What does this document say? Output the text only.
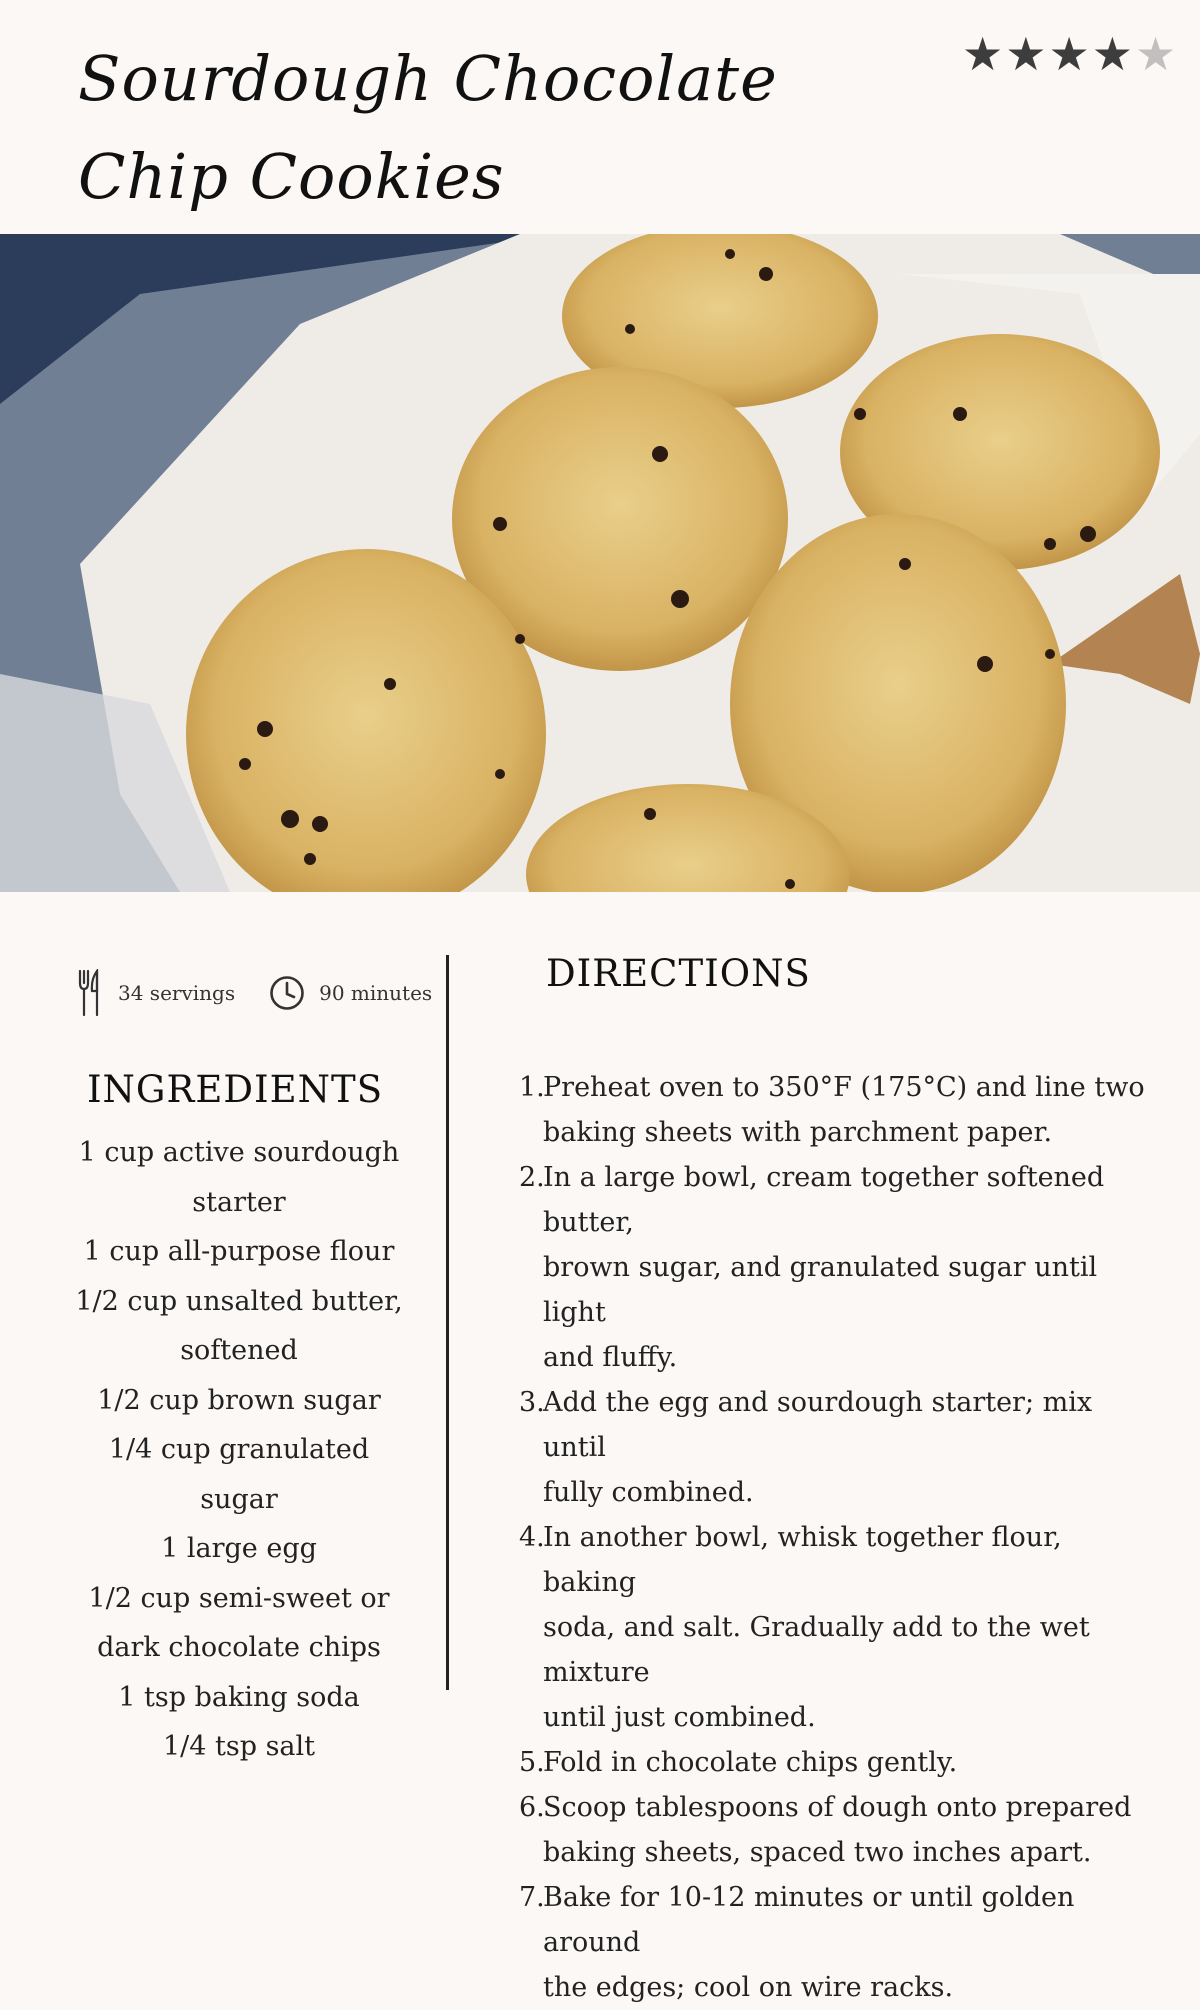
Sourdough Chocolate
Chip Cookies
★ ★ ★ ★ ★
34 servings	90 minutes
INGREDIENTS
1 cup active sourdough
starter
1 cup all-purpose flour
1/2 cup unsalted butter,
softened
1/2 cup brown sugar
1/4 cup granulated
sugar
1 large egg
1/2 cup semi-sweet or
dark chocolate chips
1 tsp baking soda
1/4 tsp salt
DIRECTIONS
1.
Preheat oven to 350°F (175°C) and line two
baking sheets with parchment paper.
2.
In a large bowl, cream together softened butter,
brown sugar, and granulated sugar until light
and fluffy.
3.
Add the egg and sourdough starter; mix until
fully combined.
4.
In another bowl, whisk together flour, baking
soda, and salt. Gradually add to the wet mixture
until just combined.
5.
Fold in chocolate chips gently.
6.
Scoop tablespoons of dough onto prepared
baking sheets, spaced two inches apart.
7.
Bake for 10-12 minutes or until golden around
the edges; cool on wire racks.
